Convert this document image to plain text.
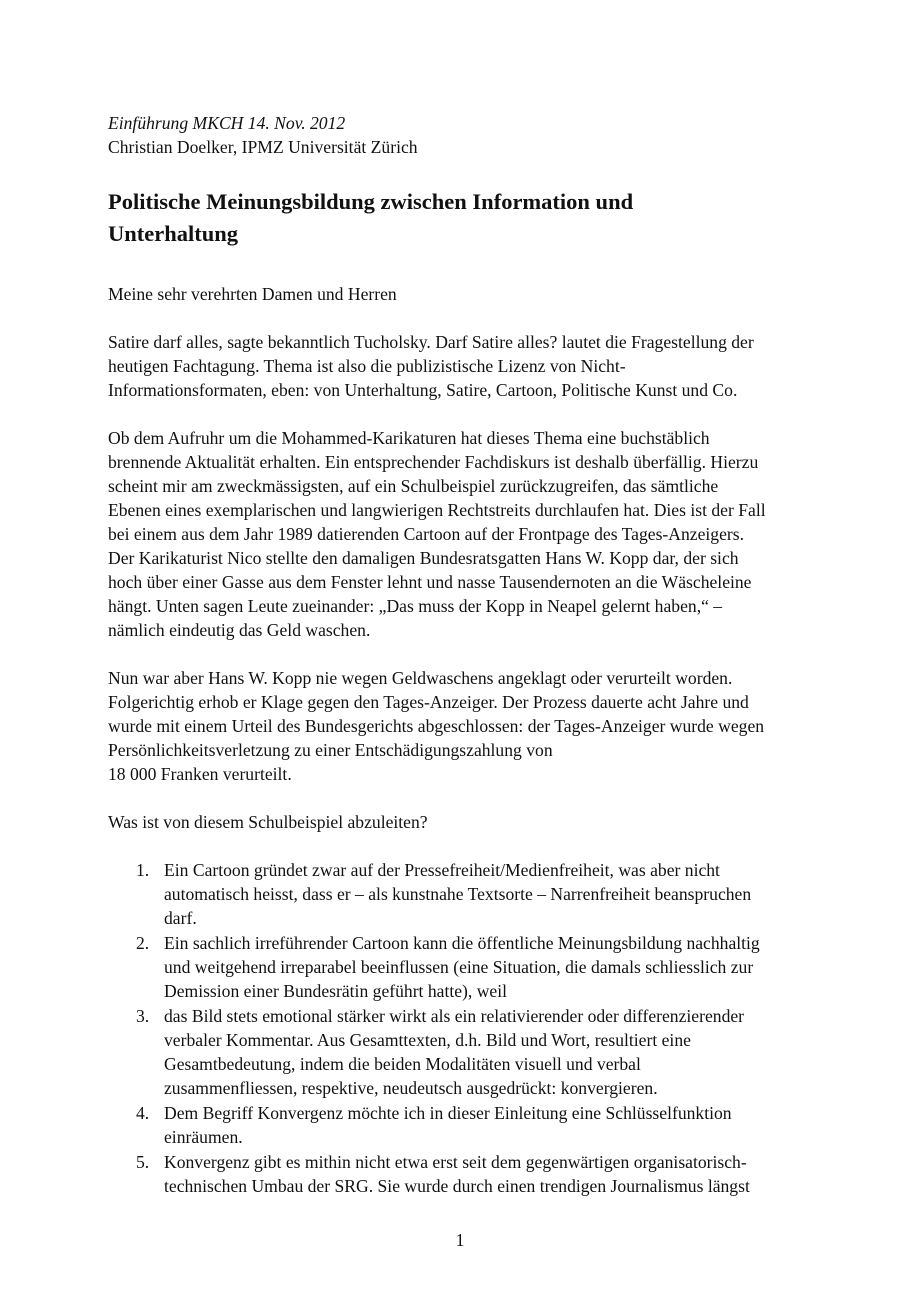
Einführung MKCH 14. Nov. 2012
Christian Doelker, IPMZ Universität Zürich
Politische Meinungsbildung zwischen Information und
Unterhaltung

Meine sehr verehrten Damen und Herren

Satire darf alles, sagte bekanntlich Tucholsky. Darf Satire alles? lautet die Fragestellung der
heutigen Fachtagung. Thema ist also die publizistische Lizenz von Nicht-
Informationsformaten, eben: von Unterhaltung, Satire, Cartoon, Politische Kunst und Co.

Ob dem Aufruhr um die Mohammed-Karikaturen hat dieses Thema eine buchstäblich
brennende Aktualität erhalten. Ein entsprechender Fachdiskurs ist deshalb überfällig. Hierzu
scheint mir am zweckmässigsten, auf ein Schulbeispiel zurückzugreifen, das sämtliche
Ebenen eines exemplarischen und langwierigen Rechtstreits durchlaufen hat. Dies ist der Fall
bei einem aus dem Jahr 1989 datierenden Cartoon auf der Frontpage des Tages-Anzeigers.
Der Karikaturist Nico stellte den damaligen Bundesratsgatten Hans W. Kopp dar, der sich
hoch über einer Gasse aus dem Fenster lehnt und nasse Tausendernoten an die Wäscheleine
hängt. Unten sagen Leute zueinander: „Das muss der Kopp in Neapel gelernt haben,“ –
nämlich eindeutig das Geld waschen.

Nun war aber Hans W. Kopp nie wegen Geldwaschens angeklagt oder verurteilt worden.
Folgerichtig erhob er Klage gegen den Tages-Anzeiger. Der Prozess dauerte acht Jahre und
wurde mit einem Urteil des Bundesgerichts abgeschlossen: der Tages-Anzeiger wurde wegen
Persönlichkeitsverletzung zu einer Entschädigungszahlung von
18 000 Franken verurteilt.

Was ist von diesem Schulbeispiel abzuleiten?

1. Ein Cartoon gründet zwar auf der Pressefreiheit/Medienfreiheit, was aber nicht
automatisch heisst, dass er – als kunstnahe Textsorte – Narrenfreiheit beanspruchen
darf.
2. Ein sachlich irreführender Cartoon kann die öffentliche Meinungsbildung nachhaltig
und weitgehend irreparabel beeinflussen (eine Situation, die damals schliesslich zur
Demission einer Bundesrätin geführt hatte), weil
3. das Bild stets emotional stärker wirkt als ein relativierender oder differenzierender
verbaler Kommentar. Aus Gesamttexten, d.h. Bild und Wort, resultiert eine
Gesamtbedeutung, indem die beiden Modalitäten visuell und verbal
zusammenfliessen, respektive, neudeutsch ausgedrückt: konvergieren.
4. Dem Begriff Konvergenz möchte ich in dieser Einleitung eine Schlüsselfunktion
einräumen.
5. Konvergenz gibt es mithin nicht etwa erst seit dem gegenwärtigen organisatorisch-
technischen Umbau der SRG. Sie wurde durch einen trendigen Journalismus längst
1
